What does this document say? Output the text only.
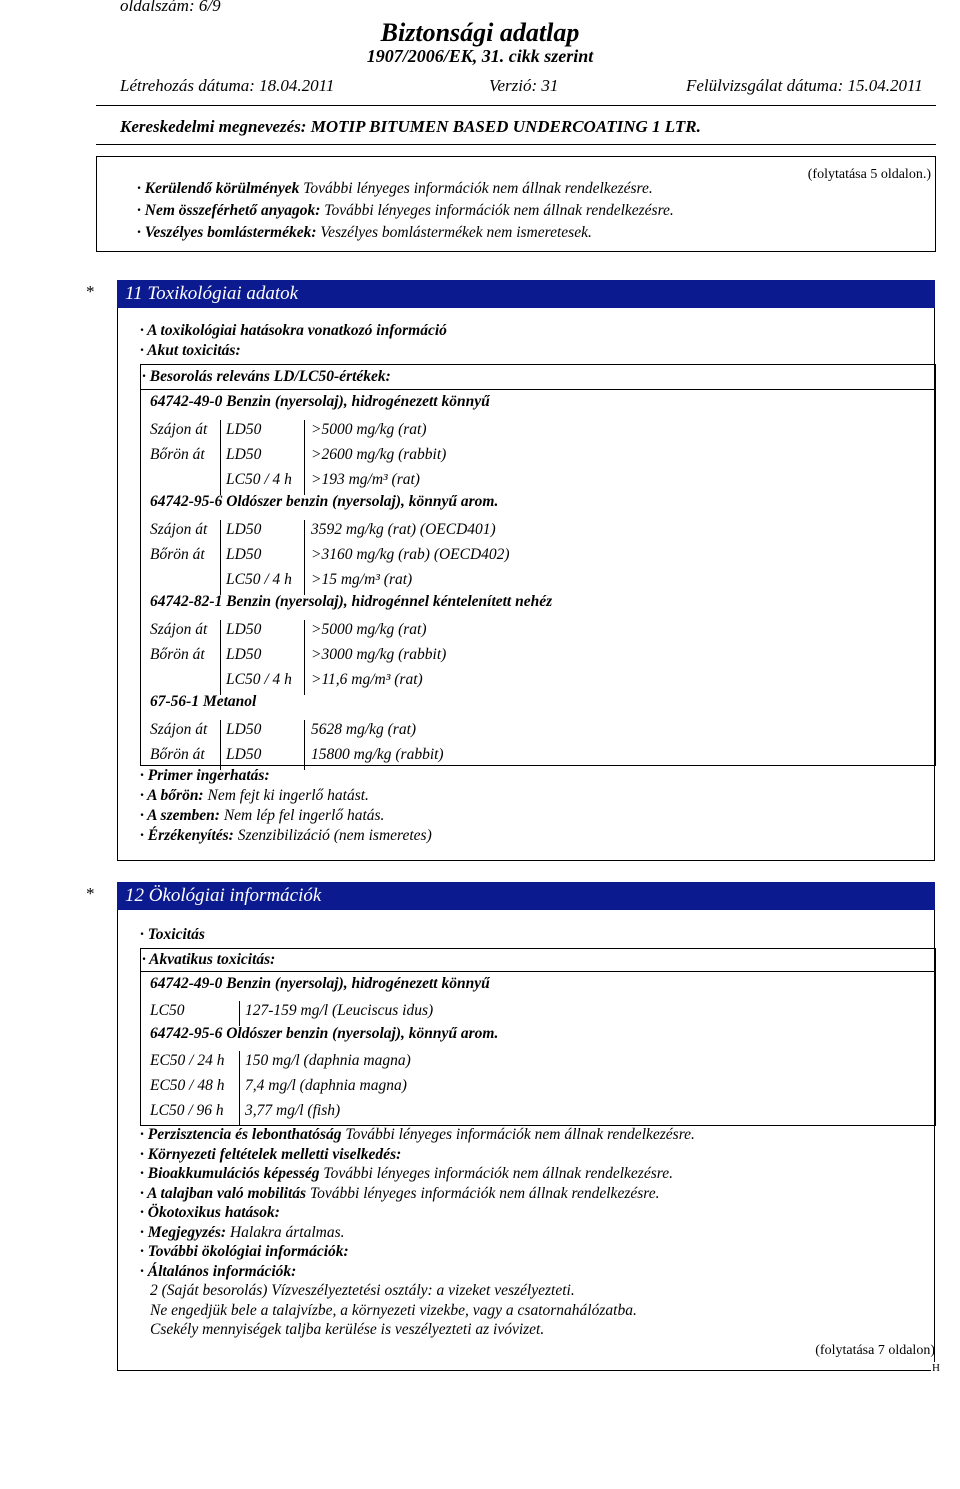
oldalszám: 6/9
Biztonsági adatlap
1907/2006/EK, 31. cikk szerint
Létrehozás dátuma: 18.04.2011	Verzió: 31	Felülvizsgálat dátuma: 15.04.2011
Kereskedelmi megnevezés: MOTIP BITUMEN BASED UNDERCOATING 1 LTR.
(folytatása 5 oldalon.)
· Kerülendő körülmények További lényeges információk nem állnak rendelkezésre.
· Nem összeférhető anyagok: További lényeges információk nem állnak rendelkezésre.
· Veszélyes bomlástermékek: Veszélyes bomlástermékek nem ismeretesek.
* 11 Toxikológiai adatok
· A toxikológiai hatásokra vonatkozó információ
· Akut toxicitás:
· Besorolás releváns LD/LC50-értékek:
64742-49-0 Benzin (nyersolaj), hidrogénezett könnyű
Szájon át LD50	>5000 mg/kg (rat)
Bőrön át LD50	>2600 mg/kg (rabbit)
LC50 / 4 h >193 mg/m³ (rat)
64742-95-6 Oldószer benzin (nyersolaj), könnyű arom.
Szájon át LD50	3592 mg/kg (rat) (OECD401)
Bőrön át LD50	>3160 mg/kg (rab) (OECD402)
LC50 / 4 h >15 mg/m³ (rat)
64742-82-1 Benzin (nyersolaj), hidrogénnel kéntelenített nehéz
Szájon át LD50	>5000 mg/kg (rat)
Bőrön át LD50	>3000 mg/kg (rabbit)
LC50 / 4 h >11,6 mg/m³ (rat)
67-56-1 Metanol
Szájon át LD50	5628 mg/kg (rat)
Bőrön át LD50	15800 mg/kg (rabbit)
· Primer ingerhatás:
· A bőrön: Nem fejt ki ingerlő hatást.
· A szemben: Nem lép fel ingerlő hatás.
· Érzékenyítés: Szenzibilizáció (nem ismeretes)
* 12 Ökológiai információk
· Toxicitás
· Akvatikus toxicitás:
64742-49-0 Benzin (nyersolaj), hidrogénezett könnyű
LC50	127-159 mg/l (Leuciscus idus)
64742-95-6 Oldószer benzin (nyersolaj), könnyű arom.
EC50 / 24 h 150 mg/l (daphnia magna)
EC50 / 48 h 7,4 mg/l (daphnia magna)
LC50 / 96 h 3,77 mg/l (fish)
· Perzisztencia és lebonthatóság További lényeges információk nem állnak rendelkezésre.
· Környezeti feltételek melletti viselkedés:
· Bioakkumulációs képesség További lényeges információk nem állnak rendelkezésre.
· A talajban való mobilitás További lényeges információk nem állnak rendelkezésre.
· Ökotoxikus hatások:
· Megjegyzés: Halakra ártalmas.
· További ökológiai információk:
· Általános információk:
2 (Saját besorolás) Vízveszélyeztetési osztály: a vizeket veszélyezteti.
Ne engedjük bele a talajvízbe, a környezeti vizekbe, vagy a csatornahálózatba.
Csekély mennyiségek taljba kerülése is veszélyezteti az ivóvizet.
(folytatása 7 oldalon)
H
